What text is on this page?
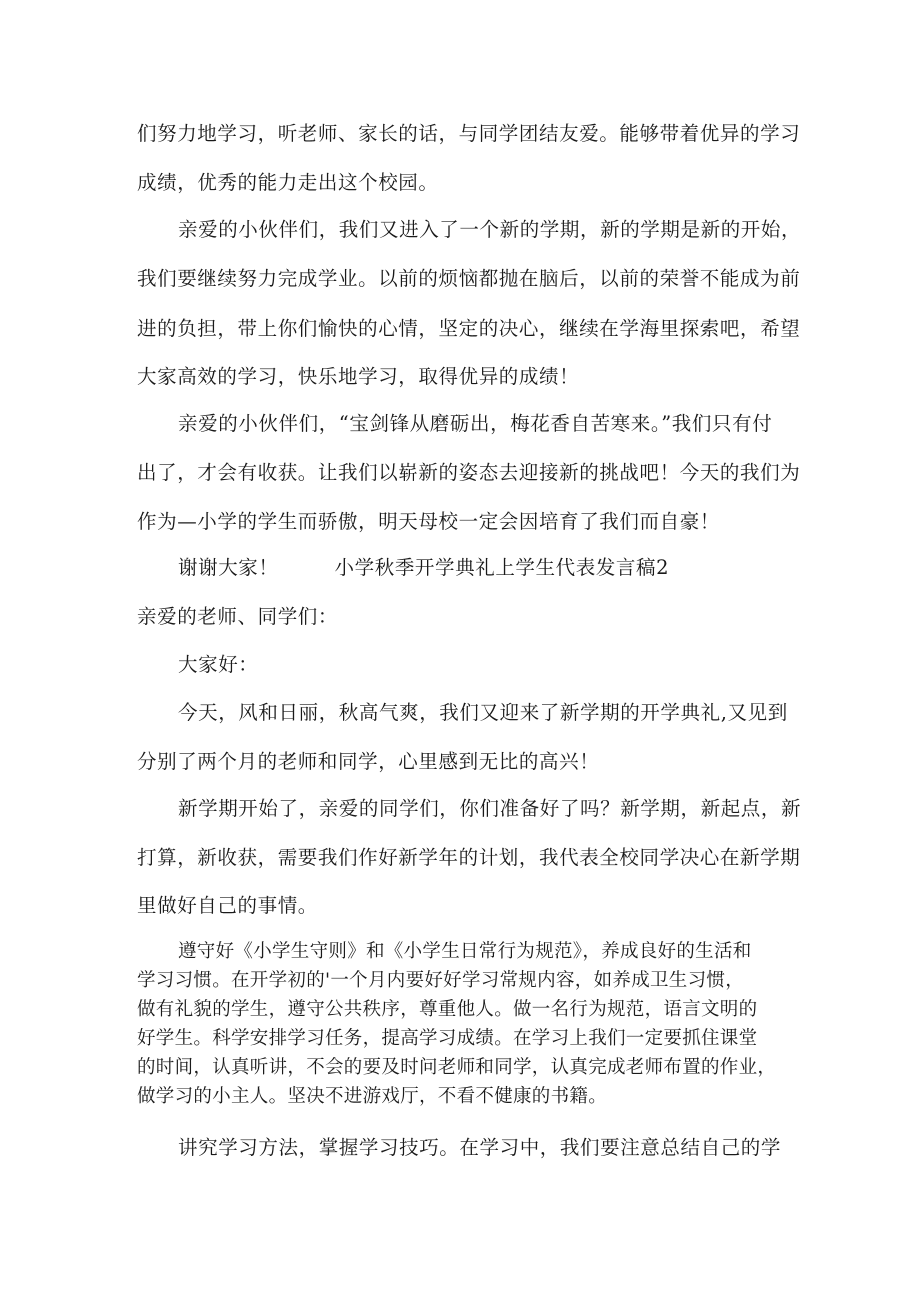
们努力地学习，听老师、家长的话，与同学团结友爱。能够带着优异的学习

成绩，优秀的能力走出这个校园。

亲爱的小伙伴们，我们又进入了一个新的学期，新的学期是新的开始，

我们要继续努力完成学业。以前的烦恼都抛在脑后，以前的荣誉不能成为前

进的负担，带上你们愉快的心情，坚定的决心，继续在学海里探索吧，希望

大家高效的学习，快乐地学习，取得优异的成绩！

亲爱的小伙伴们，“宝剑锋从磨砺出，梅花香自苦寒来。”我们只有付

出了，才会有收获。让我们以崭新的姿态去迎接新的挑战吧！今天的我们为

作为—小学的学生而骄傲，明天母校一定会因培育了我们而自豪！

谢谢大家！	小学秋季开学典礼上学生代表发言稿2

亲爱的老师、同学们：

大家好：

今天，风和日丽，秋高气爽，我们又迎来了新学期的开学典礼,又见到

分别了两个月的老师和同学，心里感到无比的高兴！

新学期开始了，亲爱的同学们，你们准备好了吗？新学期，新起点，新

打算，新收获，需要我们作好新学年的计划，我代表全校同学决心在新学期

里做好自己的事情。

遵守好《小学生守则》和《小学生日常行为规范》，养成良好的生活和

学习习惯。在开学初的'一个月内要好好学习常规内容，如养成卫生习惯，

做有礼貌的学生，遵守公共秩序，尊重他人。做一名行为规范，语言文明的

好学生。科学安排学习任务，提高学习成绩。在学习上我们一定要抓住课堂

的时间，认真听讲，不会的要及时问老师和同学，认真完成老师布置的作业，

做学习的小主人。坚决不进游戏厅，不看不健康的书籍。

讲究学习方法，掌握学习技巧。在学习中，我们要注意总结自己的学
